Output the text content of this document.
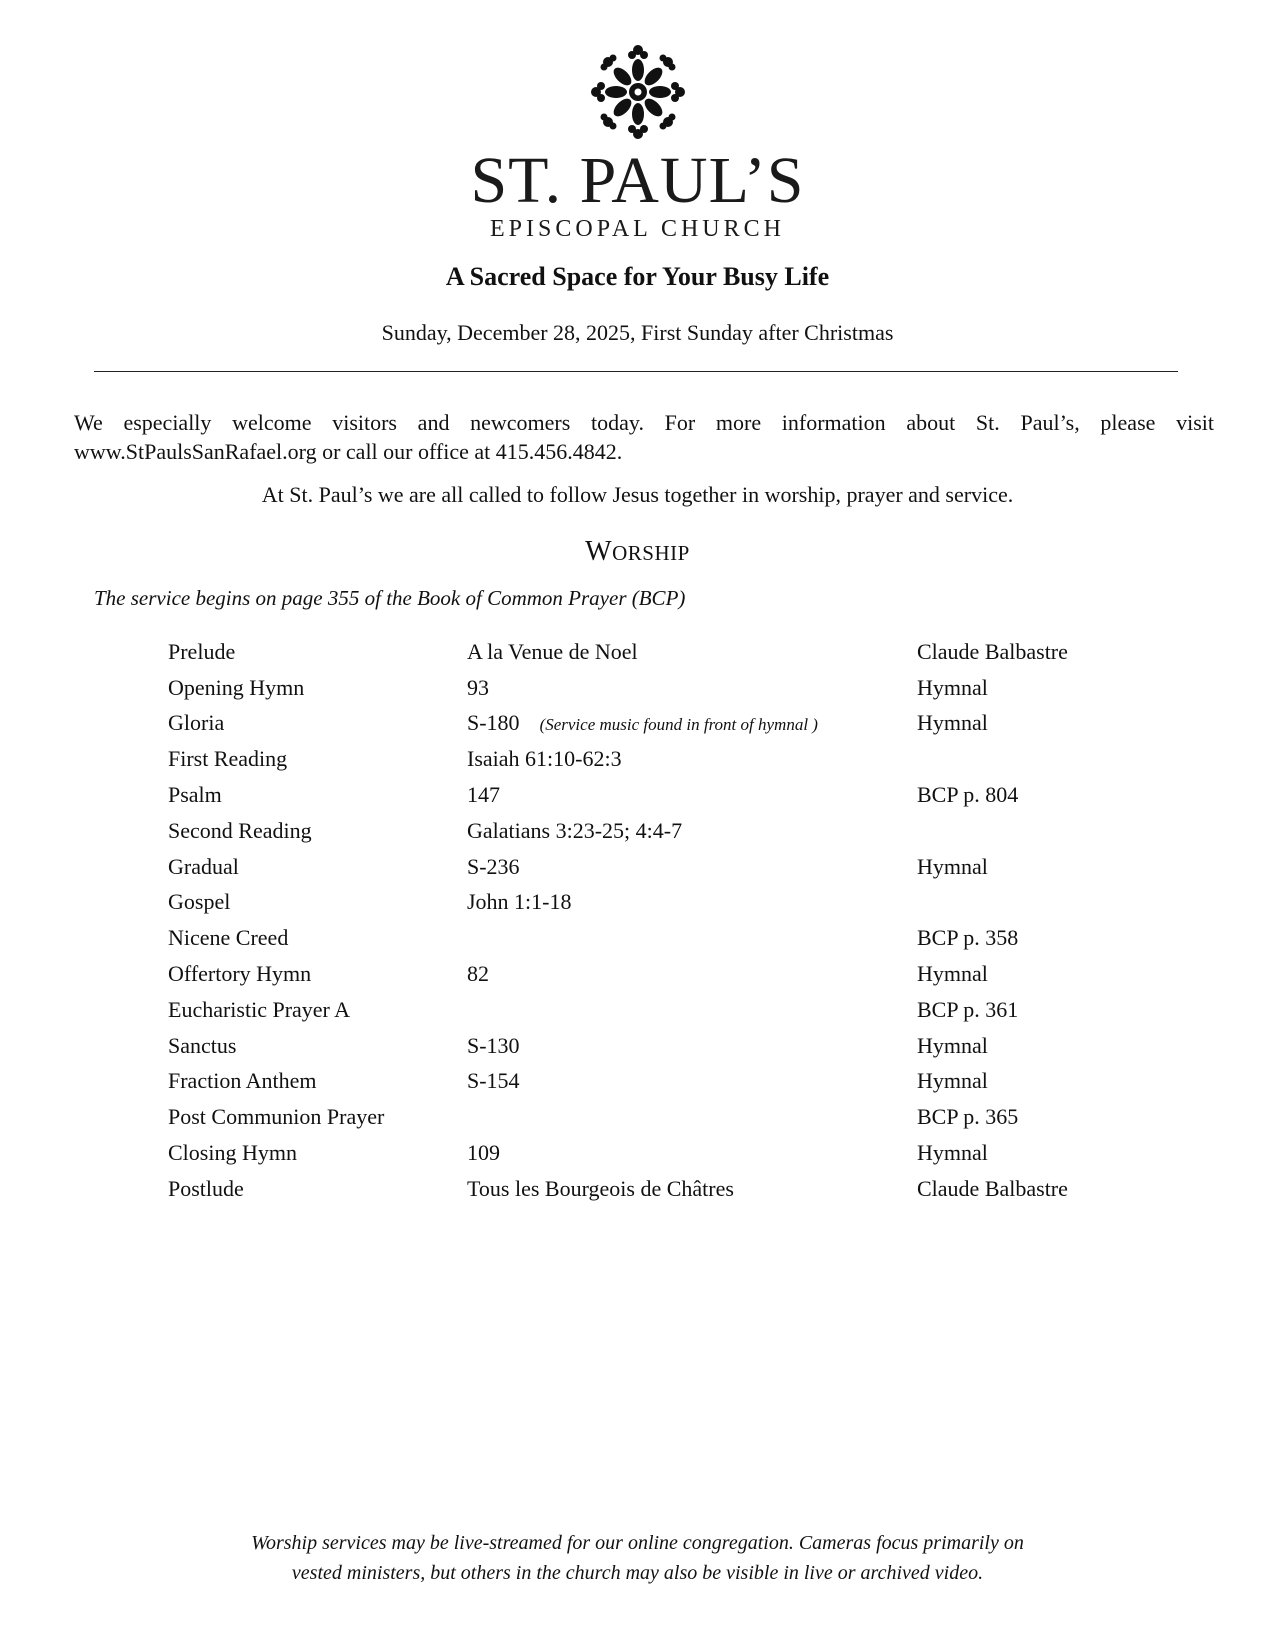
ST. PAUL’S
EPISCOPAL CHURCH
A Sacred Space for Your Busy Life
Sunday, December 28, 2025, First Sunday after Christmas
We especially welcome visitors and newcomers today. For more information about St. Paul’s, please visit
www.StPaulsSanRafael.org or call our office at 415.456.4842.
At St. Paul’s we are all called to follow Jesus together in worship, prayer and service.
WORSHIP
The service begins on page 355 of the Book of Common Prayer (BCP)
Prelude	A la Venue de Noel	Claude Balbastre
Opening Hymn	93	Hymnal
Gloria	S-180 (Service music found in front of hymnal )	Hymnal
First Reading	Isaiah 61:10-62:3	
Psalm	147	BCP p. 804
Second Reading	Galatians 3:23-25; 4:4-7	
Gradual	S-236	Hymnal
Gospel	John 1:1-18	
Nicene Creed		BCP p. 358
Offertory Hymn	82	Hymnal
Eucharistic Prayer A		BCP p. 361
Sanctus	S-130	Hymnal
Fraction Anthem	S-154	Hymnal
Post Communion Prayer		BCP p. 365
Closing Hymn	109	Hymnal
Postlude	Tous les Bourgeois de Châtres	Claude Balbastre
Worship services may be live-streamed for our online congregation. Cameras focus primarily on
vested ministers, but others in the church may also be visible in live or archived video.
